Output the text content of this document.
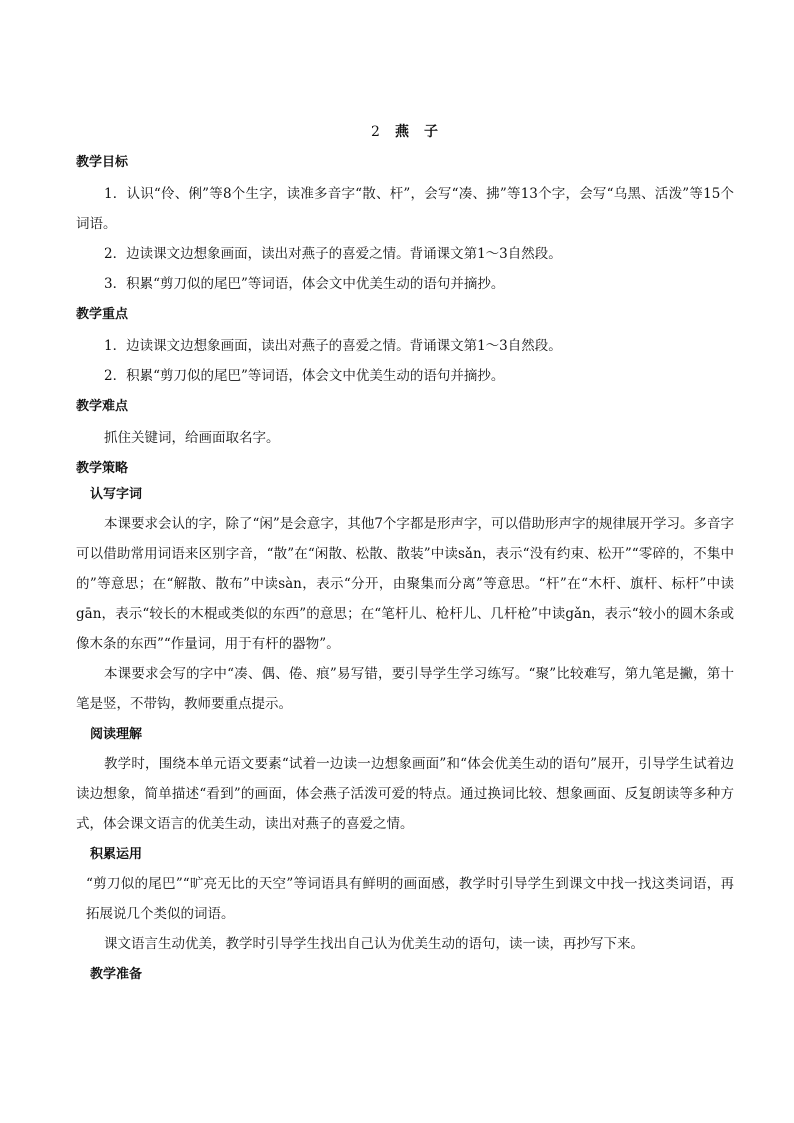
2 燕 子
教学目标

1．认识“伶、俐”等8个生字，读准多音字“散、杆”，会写“凑、拂”等13个字，会写“乌黑、活泼”等15个词语。

2．边读课文边想象画面，读出对燕子的喜爱之情。背诵课文第1～3自然段。

3．积累“剪刀似的尾巴”等词语，体会文中优美生动的语句并摘抄。

教学重点

1．边读课文边想象画面，读出对燕子的喜爱之情。背诵课文第1～3自然段。

2．积累“剪刀似的尾巴”等词语，体会文中优美生动的语句并摘抄。

教学难点

抓住关键词，给画面取名字。

教学策略
认写字词

本课要求会认的字，除了“闲”是会意字，其他7个字都是形声字，可以借助形声字的规律展开学习。多音字可以借助常用词语来区别字音，“散”在“闲散、松散、散装”中读sǎn，表示“没有约束、松开”“零碎的，不集中的”等意思；在“解散、散布”中读sàn，表示“分开，由聚集而分离”等意思。“杆”在“木杆、旗杆、标杆”中读gān，表示“较长的木棍或类似的东西”的意思；在“笔杆儿、枪杆儿、几杆枪”中读gǎn，表示“较小的圆木条或像木条的东西”“作量词，用于有杆的器物”。

本课要求会写的字中“凑、偶、倦、痕”易写错，要引导学生学习练写。“聚”比较难写，第九笔是撇，第十笔是竖，不带钩，教师要重点提示。

阅读理解

教学时，围绕本单元语文要素“试着一边读一边想象画面”和“体会优美生动的语句”展开，引导学生试着边读边想象，简单描述“看到”的画面，体会燕子活泼可爱的特点。通过换词比较、想象画面、反复朗读等多种方式，体会课文语言的优美生动，读出对燕子的喜爱之情。

积累运用

“剪刀似的尾巴”“旷亮无比的天空”等词语具有鲜明的画面感，教学时引导学生到课文中找一找这类词语，再拓展说几个类似的词语。

课文语言生动优美，教学时引导学生找出自己认为优美生动的语句，读一读，再抄写下来。

教学准备
